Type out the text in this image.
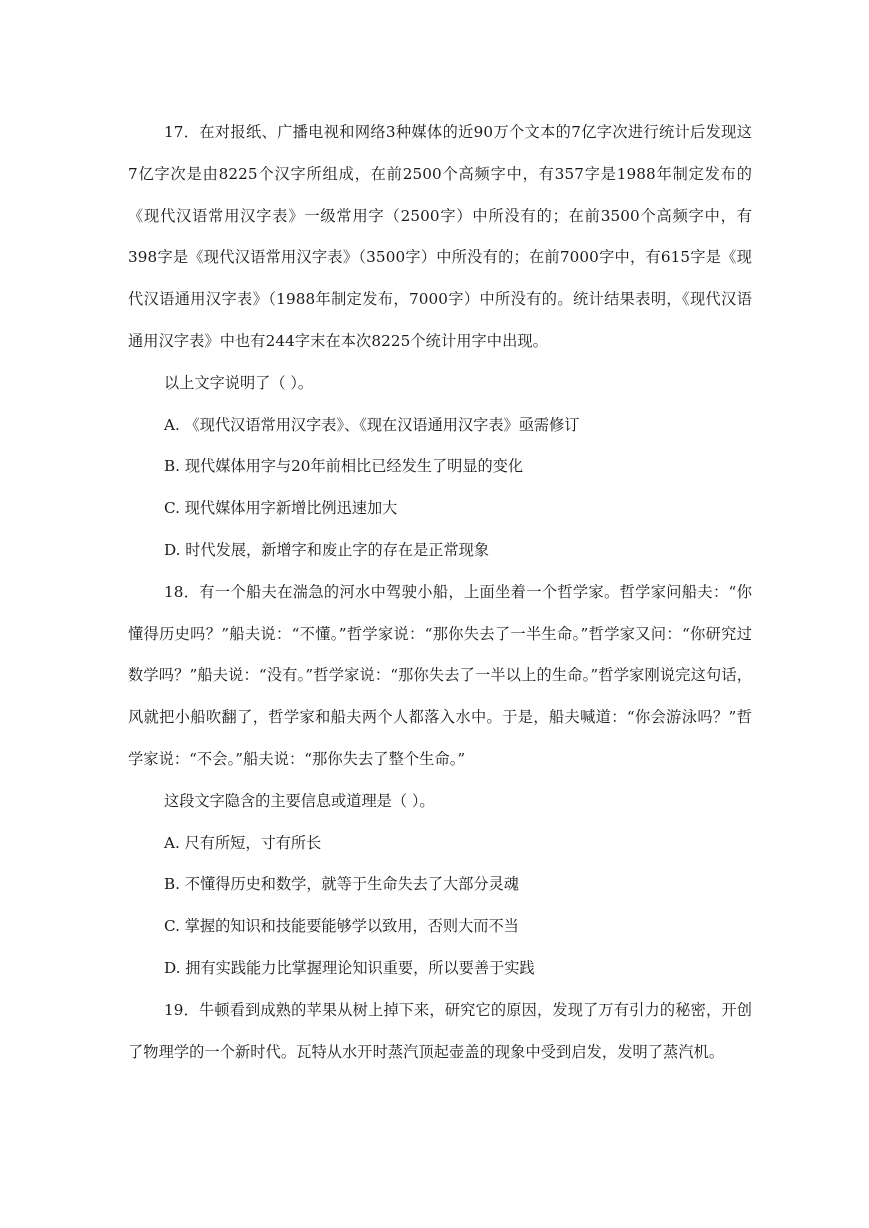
17．在对报纸、广播电视和网络3种媒体的近90万个文本的7亿字次进行统计后发现这7亿字次是由8225个汉字所组成，在前2500个高频字中，有357字是1988年制定发布的《现代汉语常用汉字表》一级常用字（2500字）中所没有的；在前3500个高频字中，有398字是《现代汉语常用汉字表》（3500字）中所没有的；在前7000字中，有615字是《现代汉语通用汉字表》（1988年制定发布，7000字）中所没有的。统计结果表明，《现代汉语通用汉字表》中也有244字末在本次8225个统计用字中出现。

以上文字说明了（ ）。

A. 《现代汉语常用汉字表》、《现在汉语通用汉字表》亟需修订

B. 现代媒体用字与20年前相比已经发生了明显的变化

C. 现代媒体用字新增比例迅速加大

D. 时代发展，新增字和废止字的存在是正常现象

18．有一个船夫在湍急的河水中驾驶小船，上面坐着一个哲学家。哲学家问船夫：“你懂得历史吗？”船夫说：“不懂。”哲学家说：“那你失去了一半生命。”哲学家又问：“你研究过数学吗？”船夫说：“没有。”哲学家说：“那你失去了一半以上的生命。”哲学家刚说完这句话，风就把小船吹翻了，哲学家和船夫两个人都落入水中。于是，船夫喊道：“你会游泳吗？”哲学家说：“不会。”船夫说：“那你失去了整个生命。”

这段文字隐含的主要信息或道理是（ ）。

A. 尺有所短，寸有所长

B. 不懂得历史和数学，就等于生命失去了大部分灵魂

C. 掌握的知识和技能要能够学以致用，否则大而不当

D. 拥有实践能力比掌握理论知识重要，所以要善于实践

19．牛顿看到成熟的苹果从树上掉下来，研究它的原因，发现了万有引力的秘密，开创了物理学的一个新时代。瓦特从水开时蒸汽顶起壶盖的现象中受到启发，发明了蒸汽机。
